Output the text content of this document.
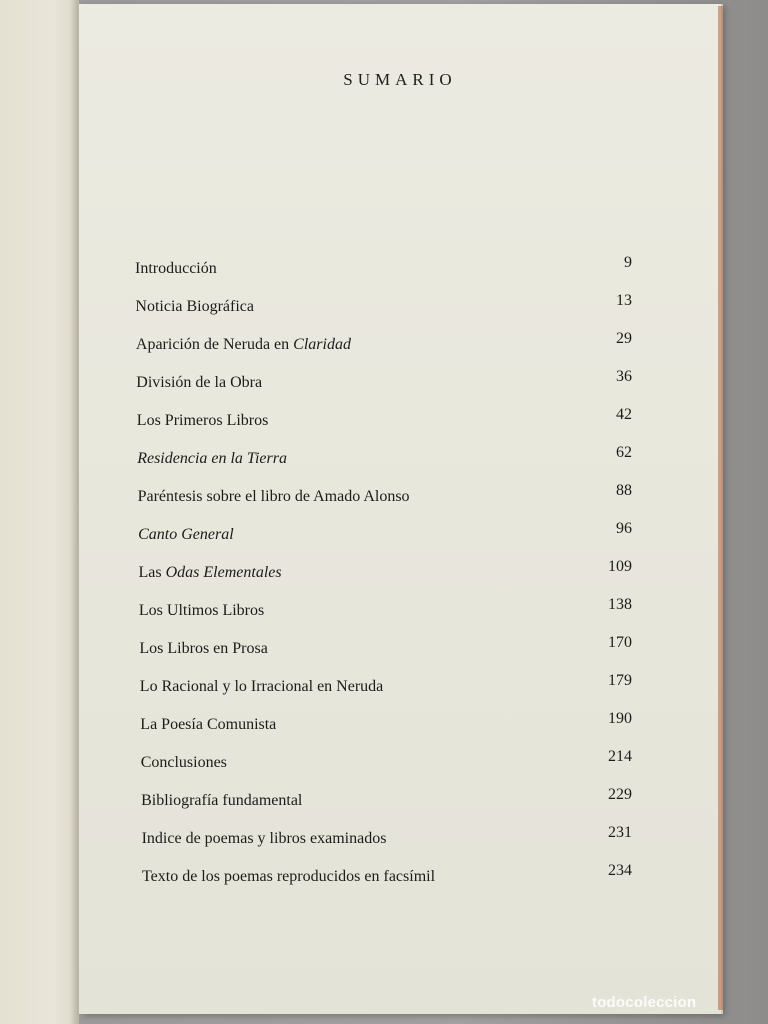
SUMARIO
Introducción	9
Noticia Biográfica	13
Aparición de Neruda en Claridad	29
División de la Obra	36
Los Primeros Libros	42
Residencia en la Tierra	62
Paréntesis sobre el libro de Amado Alonso	88
Canto General	96
Las Odas Elementales	109
Los Ultimos Libros	138
Los Libros en Prosa	170
Lo Racional y lo Irracional en Neruda	179
La Poesía Comunista	190
Conclusiones	214
Bibliografía fundamental	229
Indice de poemas y libros examinados	231
Texto de los poemas reproducidos en facsímil	234
todocoleccion
